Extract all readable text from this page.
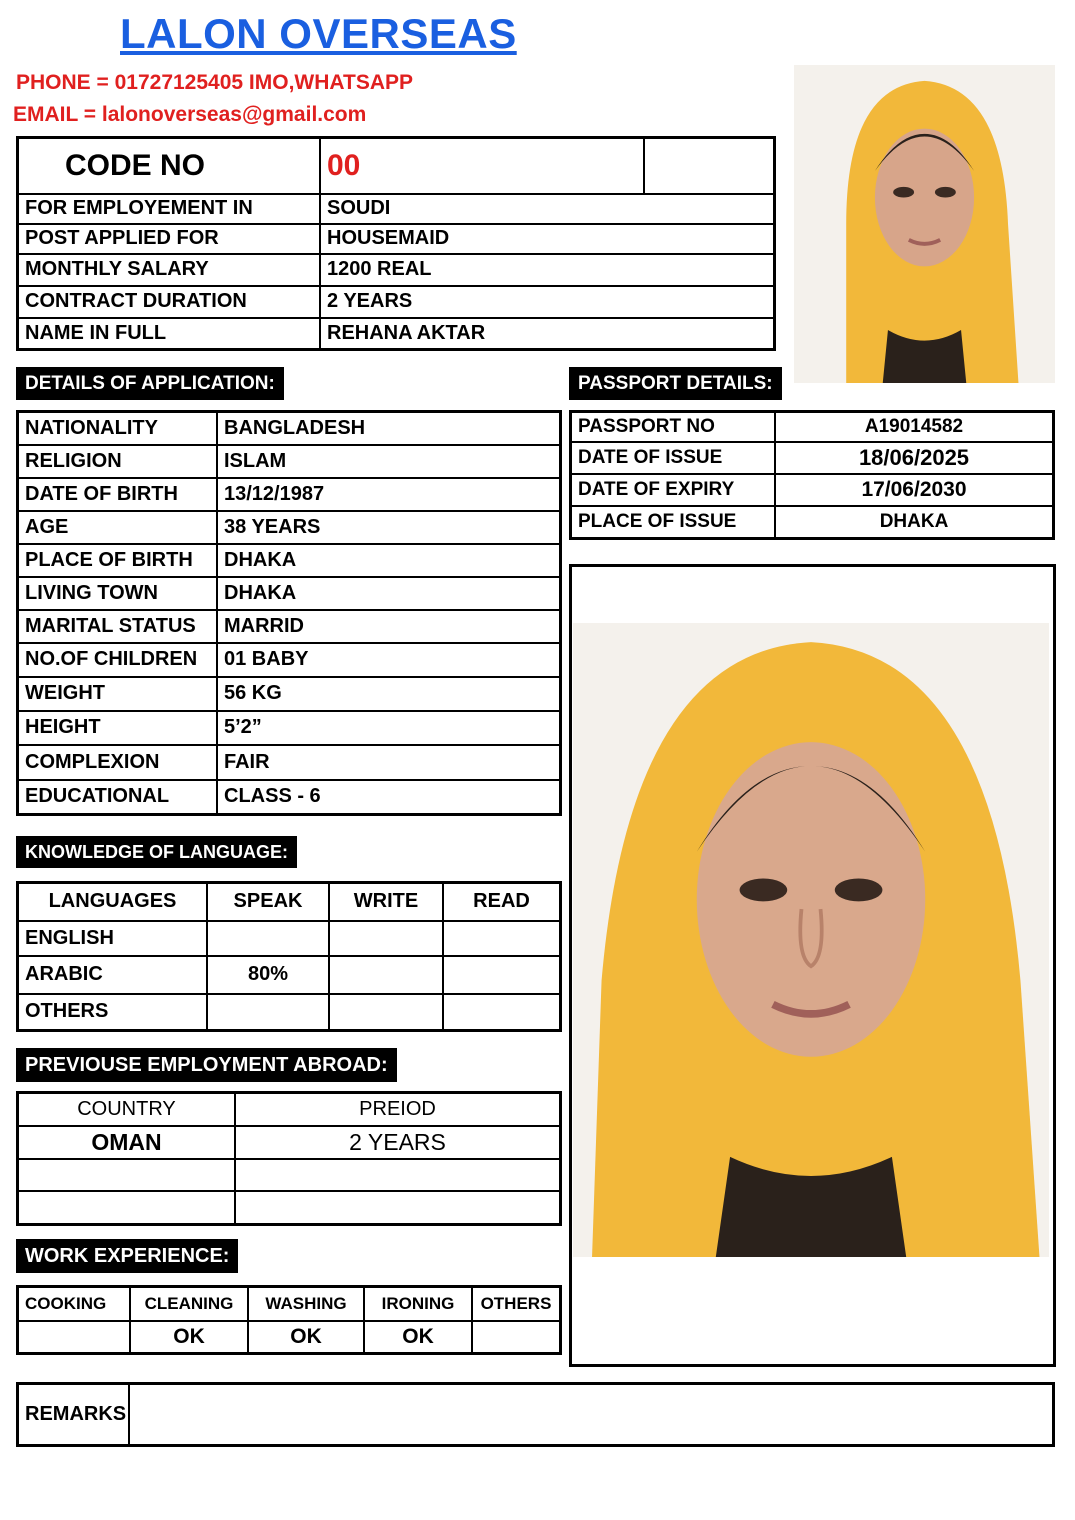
LALON OVERSEAS
PHONE = 01727125405 IMO,WHATSAPP
EMAIL = lalonoverseas@gmail.com
CODE NO	00	
FOR EMPLOYEMENT IN	SOUDI	
POST APPLIED FOR	HOUSEMAID	
MONTHLY SALARY	1200 REAL	
CONTRACT DURATION	2 YEARS	
NAME IN FULL	REHANA AKTAR	
DETAILS OF APPLICATION:	PASSPORT DETAILS:
NATIONALITY	BANGLADESH
RELIGION	ISLAM
DATE OF BIRTH	13/12/1987
AGE	38 YEARS
PLACE OF BIRTH	DHAKA
LIVING TOWN	DHAKA
MARITAL STATUS	MARRID
NO.OF CHILDREN	01 BABY
WEIGHT	56 KG
HEIGHT	5’2”
COMPLEXION	FAIR
EDUCATIONAL	CLASS - 6
PASSPORT NO	A19014582
DATE OF ISSUE	18/06/2025
DATE OF EXPIRY	17/06/2030
PLACE OF ISSUE	DHAKA
KNOWLEDGE OF LANGUAGE:
LANGUAGES	SPEAK	WRITE	READ
ENGLISH			
ARABIC	80%		
OTHERS			
PREVIOUSE EMPLOYMENT ABROAD:
COUNTRY	PREIOD
OMAN	2 YEARS

WORK EXPERIENCE:
COOKING	CLEANING	WASHING	IRONING	OTHERS
	OK	OK	OK	
REMARKS	
